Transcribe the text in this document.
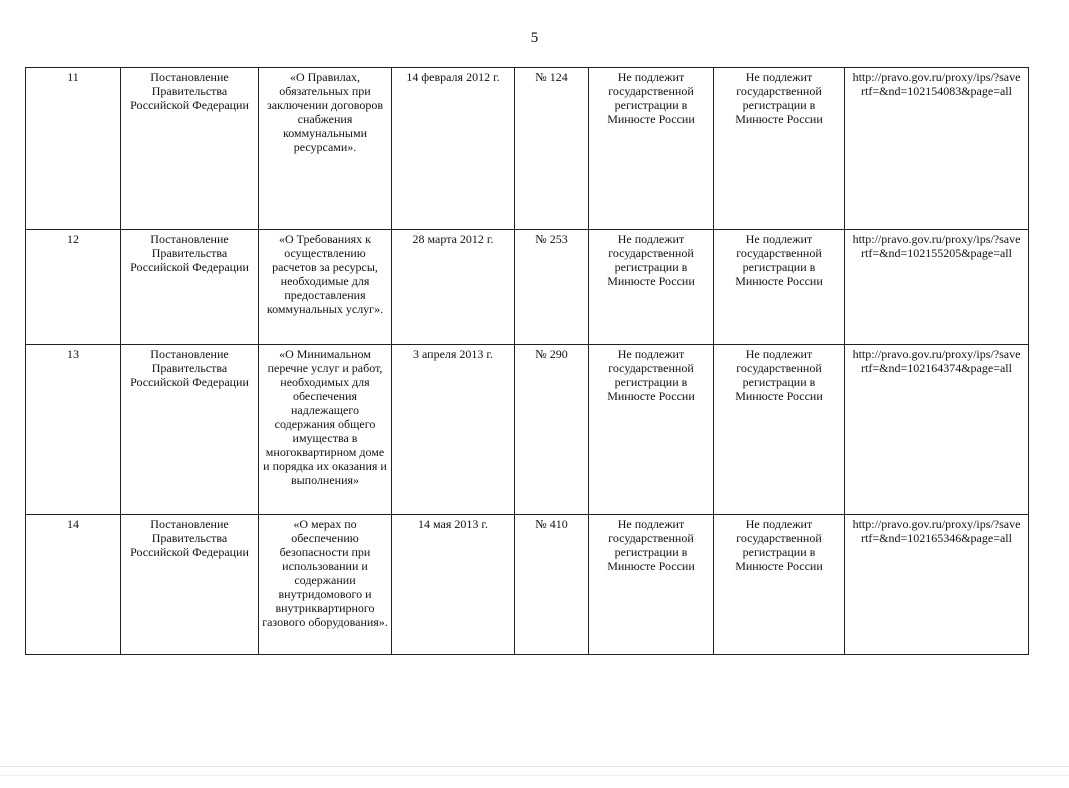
5
11	Постановление Правительства Российской Федерации	«О Правилах, обязательных при заключении договоров снабжения коммунальными ресурсами».	14 февраля 2012 г.	№ 124	Не подлежит государственной регистрации в Минюсте России	Не подлежит государственной регистрации в Минюсте России	http://pravo.gov.ru/proxy/ips/?savertf=&nd=102154083&page=all
12	Постановление Правительства Российской Федерации	«О Требованиях к осуществлению расчетов за ресурсы, необходимые для предоставления коммунальных услуг».	28 марта 2012 г.	№ 253	Не подлежит государственной регистрации в Минюсте России	Не подлежит государственной регистрации в Минюсте России	http://pravo.gov.ru/proxy/ips/?savertf=&nd=102155205&page=all
13	Постановление Правительства Российской Федерации	«О Минимальном перечне услуг и работ, необходимых для обеспечения надлежащего содержания общего имущества в многоквартирном доме и порядка их оказания и выполнения»	3 апреля 2013 г.	№ 290	Не подлежит государственной регистрации в Минюсте России	Не подлежит государственной регистрации в Минюсте России	http://pravo.gov.ru/proxy/ips/?savertf=&nd=102164374&page=all
14	Постановление Правительства Российской Федерации	«О мерах по обеспечению безопасности при использовании и содержании внутридомового и внутриквартирного газового оборудования».	14 мая 2013 г.	№ 410	Не подлежит государственной регистрации в Минюсте России	Не подлежит государственной регистрации в Минюсте России	http://pravo.gov.ru/proxy/ips/?savertf=&nd=102165346&page=all
